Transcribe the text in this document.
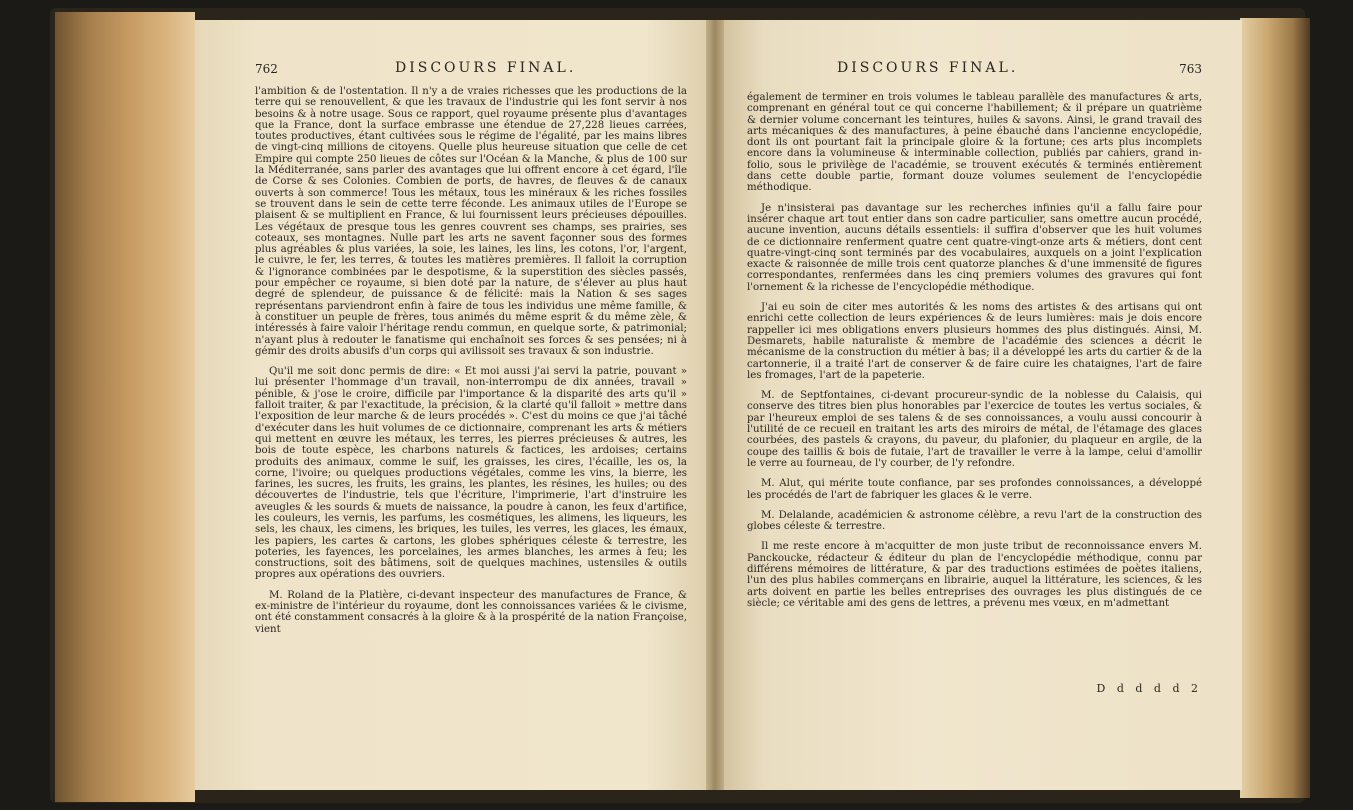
762	DISCOURS FINAL.

l'ambition & de l'ostentation. Il n'y a de vraies richesses que les productions de la terre qui se renouvellent, & que les travaux de l'industrie qui les font servir à nos besoins & à notre usage. Sous ce rapport, quel royaume présente plus d'avantages que la France, dont la surface embrasse une étendue de 27,228 lieues carrées, toutes productives, étant cultivées sous le régime de l'égalité, par les mains libres de vingt-cinq millions de citoyens. Quelle plus heureuse situation que celle de cet Empire qui compte 250 lieues de côtes sur l'Océan & la Manche, & plus de 100 sur la Méditerranée, sans parler des avantages que lui offrent encore à cet égard, l'île de Corse & ses Colonies. Combien de ports, de havres, de fleuves & de canaux ouverts à son commerce! Tous les métaux, tous les minéraux & les riches fossiles se trouvent dans le sein de cette terre féconde. Les animaux utiles de l'Europe se plaisent & se multiplient en France, & lui fournissent leurs précieuses dépouilles. Les végétaux de presque tous les genres couvrent ses champs, ses prairies, ses coteaux, ses montagnes. Nulle part les arts ne savent façonner sous des formes plus agréables & plus variées, la soie, les laines, les lins, les cotons, l'or, l'argent, le cuivre, le fer, les terres, & toutes les matières premières. Il falloit la corruption & l'ignorance combinées par le despotisme, & la superstition des siècles passés, pour empêcher ce royaume, si bien doté par la nature, de s'élever au plus haut degré de splendeur, de puissance & de félicité: mais la Nation & ses sages représentans parviendront enfin à faire de tous les individus une même famille, & à constituer un peuple de frères, tous animés du même esprit & du même zèle, & intéressés à faire valoir l'héritage rendu commun, en quelque sorte, & patrimonial; n'ayant plus à redouter le fanatisme qui enchaînoit ses forces & ses pensées; ni à gémir des droits abusifs d'un corps qui avilissoit ses travaux & son industrie.

Qu'il me soit donc permis de dire: « Et moi aussi j'ai servi la patrie, pouvant » lui présenter l'hommage d'un travail, non-interrompu de dix années, travail » pénible, & j'ose le croire, difficile par l'importance & la disparité des arts qu'il » falloit traiter, & par l'exactitude, la précision, & la clarté qu'il falloit » mettre dans l'exposition de leur marche & de leurs procédés ». C'est du moins ce que j'ai tâché d'exécuter dans les huit volumes de ce dictionnaire, comprenant les arts & métiers qui mettent en œuvre les métaux, les terres, les pierres précieuses & autres, les bois de toute espèce, les charbons naturels & factices, les ardoises; certains produits des animaux, comme le suif, les graisses, les cires, l'écaille, les os, la corne, l'ivoire; ou quelques productions végétales, comme les vins, la bierre, les farines, les sucres, les fruits, les grains, les plantes, les résines, les huiles; ou des découvertes de l'industrie, tels que l'écriture, l'imprimerie, l'art d'instruire les aveugles & les sourds & muets de naissance, la poudre à canon, les feux d'artifice, les couleurs, les vernis, les parfums, les cosmétiques, les alimens, les liqueurs, les sels, les chaux, les cimens, les briques, les tuiles, les verres, les glaces, les émaux, les papiers, les cartes & cartons, les globes sphériques céleste & terrestre, les poteries, les fayences, les porcelaines, les armes blanches, les armes à feu; les constructions, soit des bâtimens, soit de quelques machines, ustensiles & outils propres aux opérations des ouvriers.

M. Roland de la Platière, ci-devant inspecteur des manufactures de France, & ex-ministre de l'intérieur du royaume, dont les connoissances variées & le civisme, ont été constamment consacrés à la gloire & à la prospérité de la nation Françoise, vient

DISCOURS FINAL.	763

également de terminer en trois volumes le tableau parallèle des manufactures & arts, comprenant en général tout ce qui concerne l'habillement; & il prépare un quatrième & dernier volume concernant les teintures, huiles & savons. Ainsi, le grand travail des arts mécaniques & des manufactures, à peine ébauché dans l'ancienne encyclopédie, dont ils ont pourtant fait la principale gloire & la fortune; ces arts plus incomplets encore dans la volumineuse & interminable collection, publiés par cahiers, grand in-folio, sous le privilège de l'académie, se trouvent exécutés & terminés entièrement dans cette double partie, formant douze volumes seulement de l'encyclopédie méthodique.

Je n'insisterai pas davantage sur les recherches infinies qu'il a fallu faire pour insérer chaque art tout entier dans son cadre particulier, sans omettre aucun procédé, aucune invention, aucuns détails essentiels: il suffira d'observer que les huit volumes de ce dictionnaire renferment quatre cent quatre-vingt-onze arts & métiers, dont cent quatre-vingt-cinq sont terminés par des vocabulaires, auxquels on a joint l'explication exacte & raisonnée de mille trois cent quatorze planches & d'une immensité de figures correspondantes, renfermées dans les cinq premiers volumes des gravures qui font l'ornement & la richesse de l'encyclopédie méthodique.

J'ai eu soin de citer mes autorités & les noms des artistes & des artisans qui ont enrichi cette collection de leurs expériences & de leurs lumières: mais je dois encore rappeller ici mes obligations envers plusieurs hommes des plus distingués. Ainsi, M. Desmarets, habile naturaliste & membre de l'académie des sciences a décrit le mécanisme de la construction du métier à bas; il a développé les arts du cartier & de la cartonnerie, il a traité l'art de conserver & de faire cuire les chataignes, l'art de faire les fromages, l'art de la papeterie.

M. de Septfontaines, ci-devant procureur-syndic de la noblesse du Calaisis, qui conserve des titres bien plus honorables par l'exercice de toutes les vertus sociales, & par l'heureux emploi de ses talens & de ses connoissances, a voulu aussi concourir à l'utilité de ce recueil en traitant les arts des miroirs de métal, de l'étamage des glaces courbées, des pastels & crayons, du paveur, du plafonier, du plaqueur en argile, de la coupe des taillis & bois de futaie, l'art de travailler le verre à la lampe, celui d'amollir le verre au fourneau, de l'y courber, de l'y refondre.

M. Alut, qui mérite toute confiance, par ses profondes connoissances, a développé les procédés de l'art de fabriquer les glaces & le verre.

M. Delalande, académicien & astronome célèbre, a revu l'art de la construction des globes céleste & terrestre.

Il me reste encore à m'acquitter de mon juste tribut de reconnoissance envers M. Panckoucke, rédacteur & éditeur du plan de l'encyclopédie méthodique, connu par différens mémoires de littérature, & par des traductions estimées de poètes italiens, l'un des plus habiles commerçans en librairie, auquel la littérature, les sciences, & les arts doivent en partie les belles entreprises des ouvrages les plus distingués de ce siècle; ce véritable ami des gens de lettres, a prévenu mes vœux, en m'admettant

D d d d d 2
